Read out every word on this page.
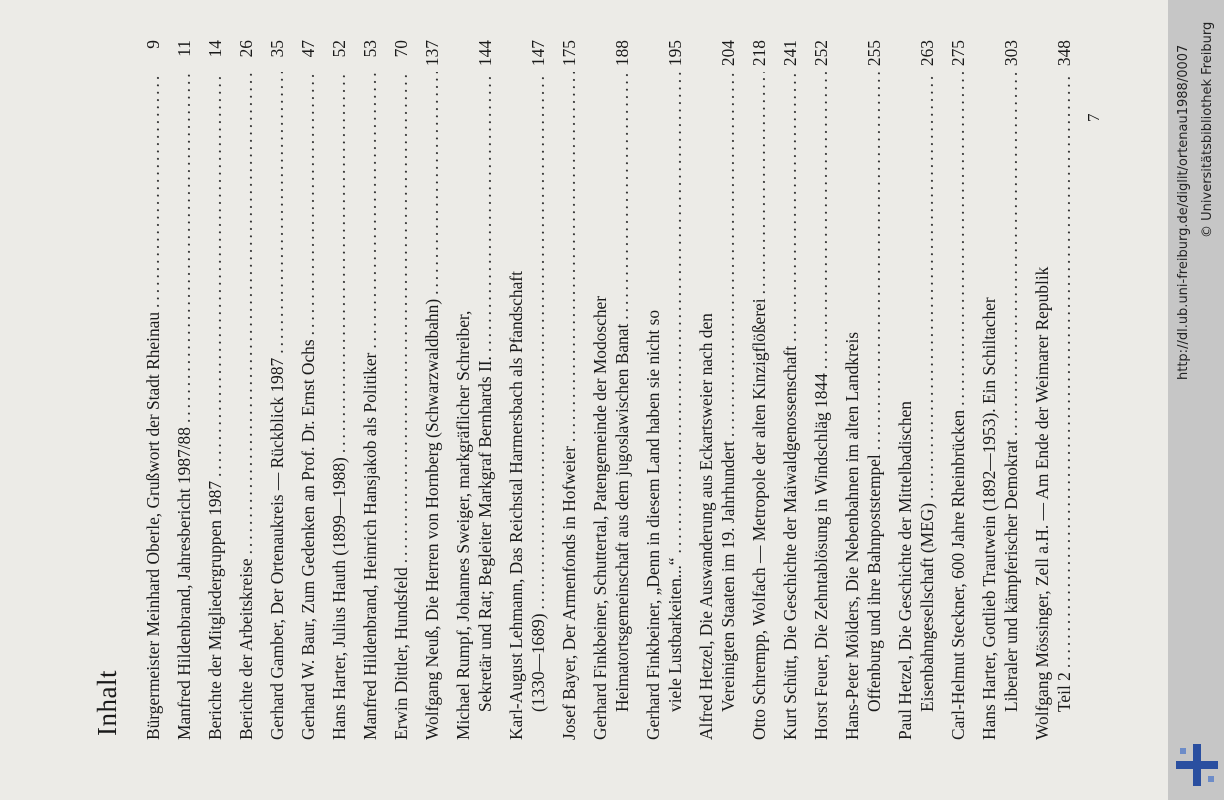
Inhalt Bürgermeister Meinhard Oberle, Grußwort der Stadt Rheinau
.....
9
Manfred Hildenbrand, Jahresbericht 1987/88
.....
11
Berichte der Mitgliedergruppen 1987
.....
14
Berichte der Arbeitskreise
.....
26
Gerhard Gamber, Der Ortenaukreis — Rückblick 1987
.....
35
Gerhard W. Baur, Zum Gedenken an Prof. Dr. Ernst Ochs
.....
47
Hans Harter, Julius Hauth (1899—1988)
.....
52
Manfred Hildenbrand, Heinrich Hansjakob als Politiker
.....
53
Erwin Dittler, Hundsfeld
.....
70
Wolfgang Neuß, Die Herren von Hornberg (Schwarzwaldbahn)
.....
137
Michael Rumpf, Johannes Sweiger, markgräflicher Schreiber, Sekretär und Rat; Begleiter Markgraf Bernhards II.
.....
144
Karl-August Lehmann, Das Reichstal Harmersbach als Pfandschaft (1330—1689)
.....
147
Josef Bayer, Der Armenfonds in Hofweier
.....
175
Gerhard Finkbeiner, Schuttertal, Patengemeinde der Modoscher Heimatortsgemeinschaft aus dem jugoslawischen Banat
.....
188
Gerhard Finkbeiner, „Denn in diesem Land haben sie nicht so viele Lustbarkeiten...“
.....
195
Alfred Hetzel, Die Auswanderung aus Eckartsweier nach den Vereinigten Staaten im 19. Jahrhundert
.....
204
Otto Schrempp, Wolfach — Metropole der alten Kinzigflößerei
.....
218
Kurt Schütt, Die Geschichte der Maiwaldgenossenschaft
.....
241
Horst Feuer, Die Zehntablösung in Windschläg 1844
.....
252
Hans-Peter Mölders, Die Nebenbahnen im alten Landkreis Offenburg und ihre Bahnpoststempel
.....
255
Paul Hetzel, Die Geschichte der Mittelbadischen Eisenbahngesellschaft (MEG)
.....
263
Carl-Helmut Steckner, 600 Jahre Rheinbrücken
.....
275
Hans Harter, Gottlieb Trautwein (1892—1953). Ein Schiltacher Liberaler und kämpferischer Demokrat
.....
303
Wolfgang Mössinger, Zell a.H. — Am Ende der Weimarer Republik Teil 2
.....
348
7	http://dl.ub.uni-freiburg.de/diglit/ortenau1988/0007 © Universitätsbibliothek Freiburg
